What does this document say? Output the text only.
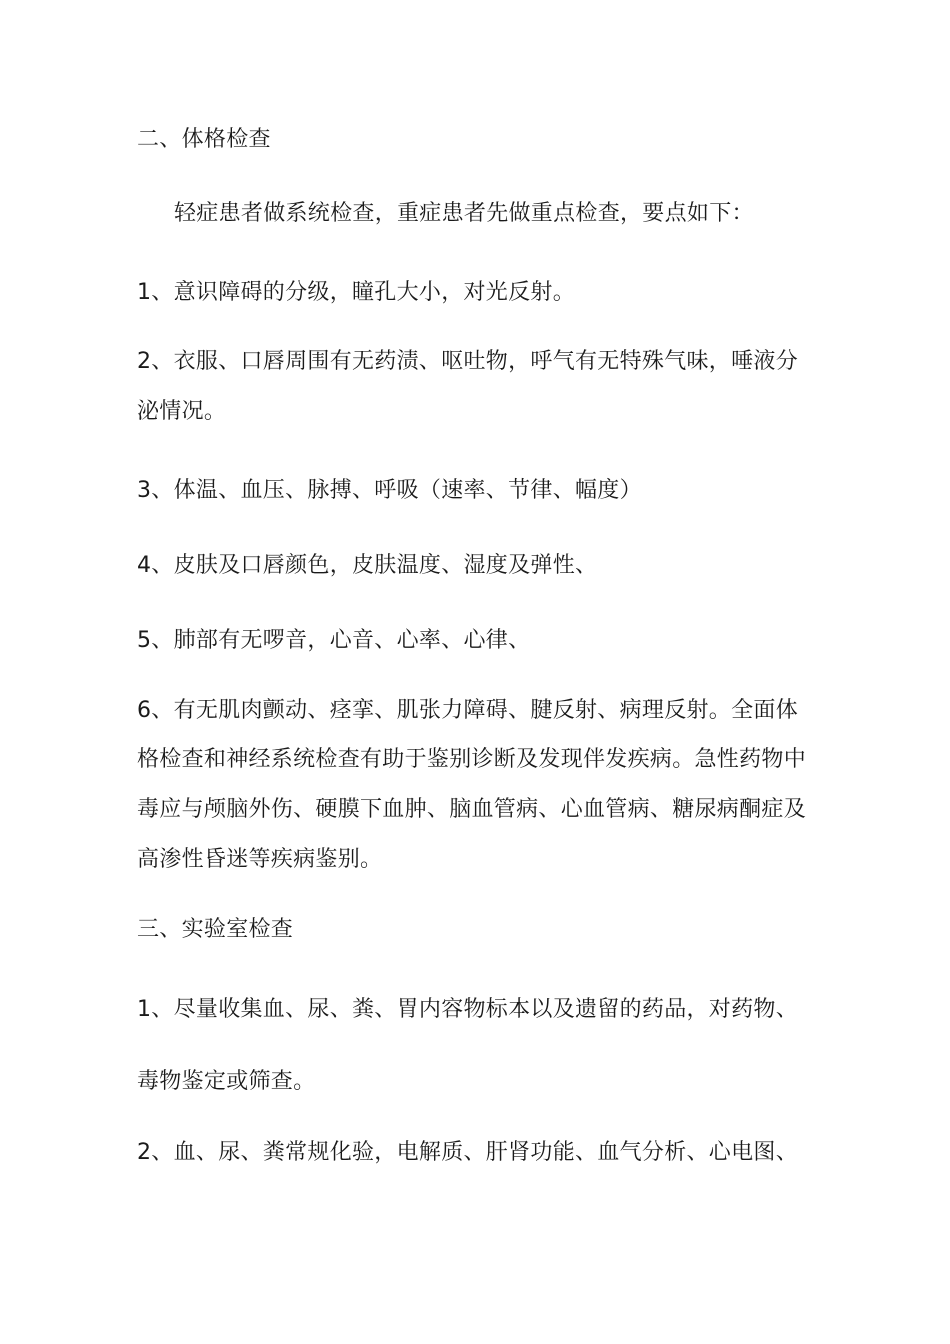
二、体格检查
轻症患者做系统检查，重症患者先做重点检查，要点如下：
1、意识障碍的分级，瞳孔大小，对光反射。
2、衣服、口唇周围有无药渍、呕吐物，呼气有无特殊气味，唾液分
泌情况。
3、体温、血压、脉搏、呼吸（速率、节律、幅度）
4、皮肤及口唇颜色，皮肤温度、湿度及弹性、
5、肺部有无啰音，心音、心率、心律、
6、有无肌肉颤动、痉挛、肌张力障碍、腱反射、病理反射。全面体
格检查和神经系统检查有助于鉴别诊断及发现伴发疾病。急性药物中
毒应与颅脑外伤、硬膜下血肿、脑血管病、心血管病、糖尿病酮症及
高渗性昏迷等疾病鉴别。
三、实验室检查
1、尽量收集血、尿、粪、胃内容物标本以及遗留的药品，对药物、
毒物鉴定或筛查。
2、血、尿、粪常规化验，电解质、肝肾功能、血气分析、心电图、
